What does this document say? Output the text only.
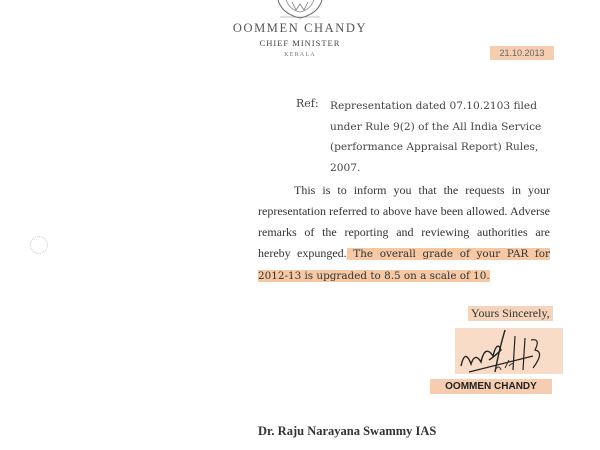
OOMMEN CHANDY
CHIEF MINISTER
KERALA	21.10.2013
Ref: Representation dated 07.10.2103 filed under Rule 9(2) of the All India Service (performance Appraisal Report) Rules, 2007.

This is to inform you that the requests in your representation referred to above have been allowed. Adverse remarks of the reporting and reviewing authorities are hereby expunged. The overall grade of your PAR for 2012-13 is upgraded to 8.5 on a scale of 10.

Yours Sincerely,
OOMMEN CHANDY
Dr. Raju Narayana Swammy IAS
